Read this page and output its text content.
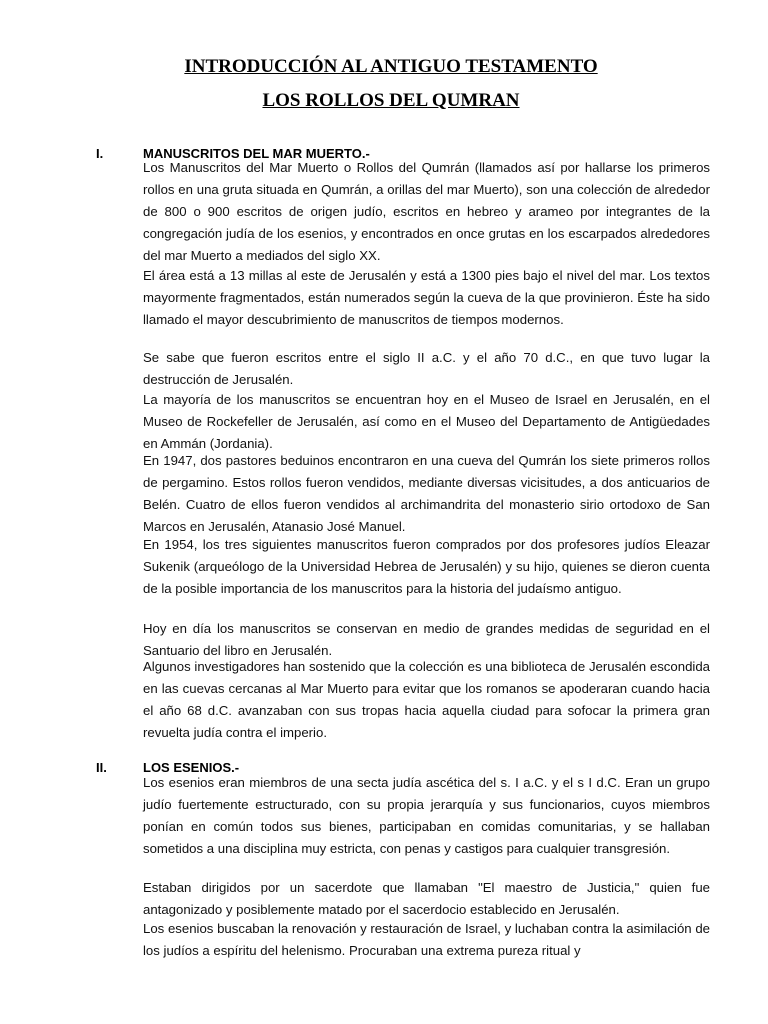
INTRODUCCIÓN AL ANTIGUO TESTAMENTO
LOS ROLLOS DEL QUMRAN
I.	MANUSCRITOS DEL MAR MUERTO.-

Los Manuscritos del Mar Muerto o Rollos del Qumrán (llamados así por hallarse los primeros rollos en una gruta situada en Qumrán, a orillas del mar Muerto), son una colección de alrededor de 800 o 900 escritos de origen judío, escritos en hebreo y arameo por integrantes de la congregación judía de los esenios, y encontrados en once grutas en los escarpados alrededores del mar Muerto a mediados del siglo XX.

El área está a 13 millas al este de Jerusalén y está a 1300 pies bajo el nivel del mar. Los textos mayormente fragmentados, están numerados según la cueva de la que provinieron. Éste ha sido llamado el mayor descubrimiento de manuscritos de tiempos modernos.

Se sabe que fueron escritos entre el siglo II a.C. y el año 70 d.C., en que tuvo lugar la destrucción de Jerusalén.

La mayoría de los manuscritos se encuentran hoy en el Museo de Israel en Jerusalén, en el Museo de Rockefeller de Jerusalén, así como en el Museo del Departamento de Antigüedades en Ammán (Jordania).

En 1947, dos pastores beduinos encontraron en una cueva del Qumrán los siete primeros rollos de pergamino. Estos rollos fueron vendidos, mediante diversas vicisitudes, a dos anticuarios de Belén. Cuatro de ellos fueron vendidos al archimandrita del monasterio sirio ortodoxo de San Marcos en Jerusalén, Atanasio José Manuel.

En 1954, los tres siguientes manuscritos fueron comprados por dos profesores judíos Eleazar Sukenik (arqueólogo de la Universidad Hebrea de Jerusalén) y su hijo, quienes se dieron cuenta de la posible importancia de los manuscritos para la historia del judaísmo antiguo.

Hoy en día los manuscritos se conservan en medio de grandes medidas de seguridad en el Santuario del libro en Jerusalén.

Algunos investigadores han sostenido que la colección es una biblioteca de Jerusalén escondida en las cuevas cercanas al Mar Muerto para evitar que los romanos se apoderaran cuando hacia el año 68 d.C. avanzaban con sus tropas hacia aquella ciudad para sofocar la primera gran revuelta judía contra el imperio.

II.	LOS ESENIOS.-

Los esenios eran miembros de una secta judía ascética del s. I a.C. y el s I d.C. Eran un grupo judío fuertemente estructurado, con su propia jerarquía y sus funcionarios, cuyos miembros ponían en común todos sus bienes, participaban en comidas comunitarias, y se hallaban sometidos a una disciplina muy estricta, con penas y castigos para cualquier transgresión.

Estaban dirigidos por un sacerdote que llamaban "El maestro de Justicia," quien fue antagonizado y posiblemente matado por el sacerdocio establecido en Jerusalén.

Los esenios buscaban la renovación y restauración de Israel, y luchaban contra la asimilación de los judíos a espíritu del helenismo. Procuraban una extrema pureza ritual y
